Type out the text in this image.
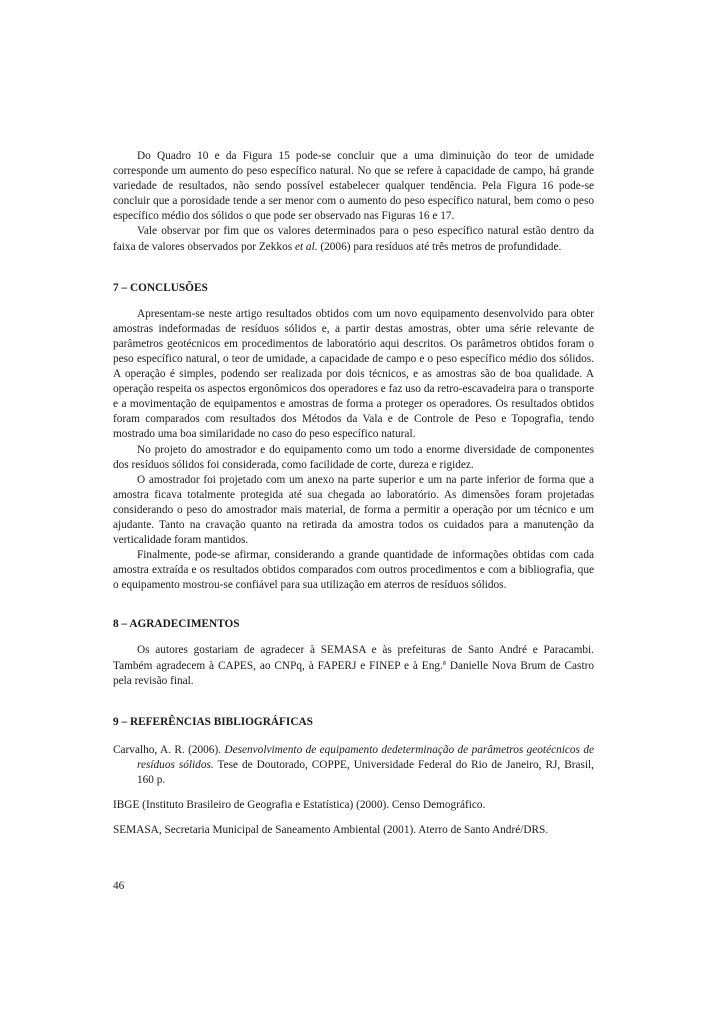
Do Quadro 10 e da Figura 15 pode-se concluir que a uma diminuição do teor de umidade corresponde um aumento do peso específico natural. No que se refere à capacidade de campo, há grande variedade de resultados, não sendo possível estabelecer qualquer tendência. Pela Figura 16 pode-se concluir que a porosidade tende a ser menor com o aumento do peso específico natural, bem como o peso específico médio dos sólidos o que pode ser observado nas Figuras 16 e 17.

Vale observar por fim que os valores determinados para o peso específico natural estão dentro da faixa de valores observados por Zekkos et al. (2006) para resíduos até três metros de profundidade.

7 – CONCLUSÕES

Apresentam-se neste artigo resultados obtidos com um novo equipamento desenvolvido para obter amostras indeformadas de resíduos sólidos e, a partir destas amostras, obter uma série relevante de parâmetros geotécnicos em procedimentos de laboratório aqui descritos. Os parâmetros obtidos foram o peso específico natural, o teor de umidade, a capacidade de campo e o peso específico médio dos sólidos. A operação é simples, podendo ser realizada por dois técnicos, e as amostras são de boa qualidade. A operação respeita os aspectos ergonômicos dos operadores e faz uso da retro-escavadeira para o transporte e a movimentação de equipamentos e amostras de forma a proteger os operadores. Os resultados obtidos foram comparados com resultados dos Métodos da Vala e de Controle de Peso e Topografia, tendo mostrado uma boa similaridade no caso do peso específico natural.

No projeto do amostrador e do equipamento como um todo a enorme diversidade de componentes dos resíduos sólidos foi considerada, como facilidade de corte, dureza e rigidez.

O amostrador foi projetado com um anexo na parte superior e um na parte inferior de forma que a amostra ficava totalmente protegida até sua chegada ao laboratório. As dimensões foram projetadas considerando o peso do amostrador mais material, de forma a permitir a operação por um técnico e um ajudante. Tanto na cravação quanto na retirada da amostra todos os cuidados para a manutenção da verticalidade foram mantidos.

Finalmente, pode-se afirmar, considerando a grande quantidade de informações obtidas com cada amostra extraída e os resultados obtidos comparados com outros procedimentos e com a bibliografia, que o equipamento mostrou-se confiável para sua utilização em aterros de resíduos sólidos.

8 – AGRADECIMENTOS

Os autores gostariam de agradecer à SEMASA e às prefeituras de Santo André e Paracambi. Também agradecem à CAPES, ao CNPq, à FAPERJ e FINEP e à Eng.ª Danielle Nova Brum de Castro pela revisão final.

9 – REFERÊNCIAS BIBLIOGRÁFICAS
Carvalho, A. R. (2006). Desenvolvimento de equipamento dedeterminação de parâmetros geotécnicos de resíduos sólidos. Tese de Doutorado, COPPE, Universidade Federal do Rio de Janeiro, RJ, Brasil, 160 p.
IBGE (Instituto Brasileiro de Geografia e Estatística) (2000). Censo Demográfico.
SEMASA, Secretaria Municipal de Saneamento Ambiental (2001). Aterro de Santo André/DRS.
46
